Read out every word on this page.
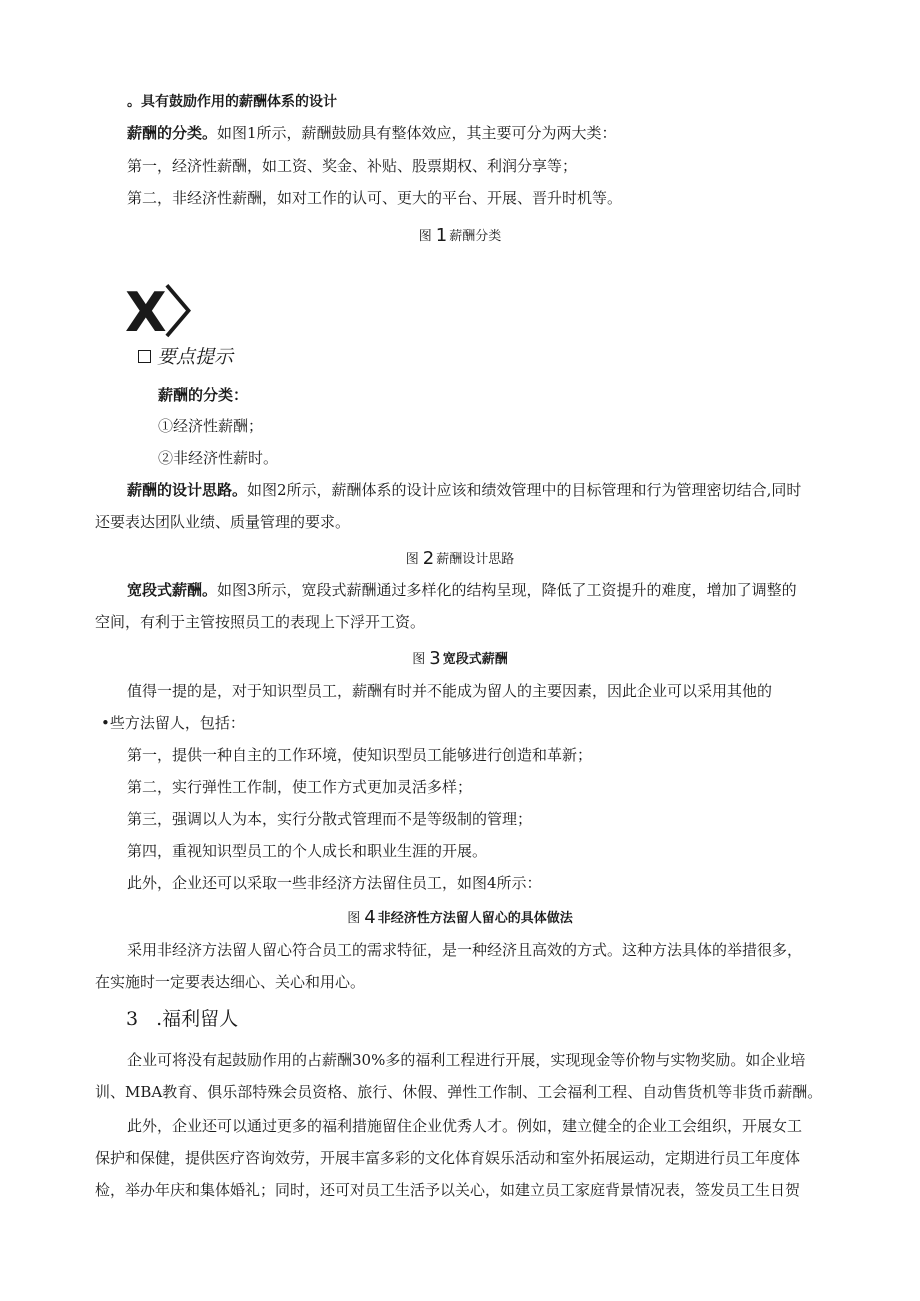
。具有鼓励作用的薪酬体系的设计
薪酬的分类。如图1所示，薪酬鼓励具有整体效应，其主要可分为两大类：
第一，经济性薪酬，如工资、奖金、补贴、股票期权、利润分享等；
第二，非经济性薪酬，如对工作的认可、更大的平台、开展、晋升时机等。
图 1 薪酬分类
X〉
要点提示
薪酬的分类：
①经济性薪酬；
②非经济性薪时。
薪酬的设计思路。如图2所示，薪酬体系的设计应该和绩效管理中的目标管理和行为管理密切结合,同时
还要表达团队业绩、质量管理的要求。
图 2 薪酬设计思路
宽段式薪酬。如图3所示，宽段式薪酬通过多样化的结构呈现，降低了工资提升的难度，增加了调整的
空间，有利于主管按照员工的表现上下浮开工资。
图 3 宽段式薪酬
值得一提的是，对于知识型员工，薪酬有时并不能成为留人的主要因素，因此企业可以采用其他的
•些方法留人，包括：
第一，提供一种自主的工作环境，使知识型员工能够进行创造和革新；
第二，实行弹性工作制，使工作方式更加灵活多样；
第三，强调以人为本，实行分散式管理而不是等级制的管理；
第四，重视知识型员工的个人成长和职业生涯的开展。
此外，企业还可以采取一些非经济方法留住员工，如图4所示：
图 4 非经济性方法留人留心的具体做法
采用非经济方法留人留心符合员工的需求特征，是一种经济且高效的方式。这种方法具体的举措很多，
在实施时一定要表达细心、关心和用心。
3 .福利留人
企业可将没有起鼓励作用的占薪酬30%多的福利工程进行开展，实现现金等价物与实物奖励。如企业培
训、MBA教育、俱乐部特殊会员资格、旅行、休假、弹性工作制、工会福利工程、自动售货机等非货币薪酬。
此外，企业还可以通过更多的福利措施留住企业优秀人才。例如，建立健全的企业工会组织，开展女工
保护和保健，提供医疗咨询效劳，开展丰富多彩的文化体育娱乐活动和室外拓展运动，定期进行员工年度体
检，举办年庆和集体婚礼；同时，还可对员工生活予以关心，如建立员工家庭背景情况表，签发员工生日贺
